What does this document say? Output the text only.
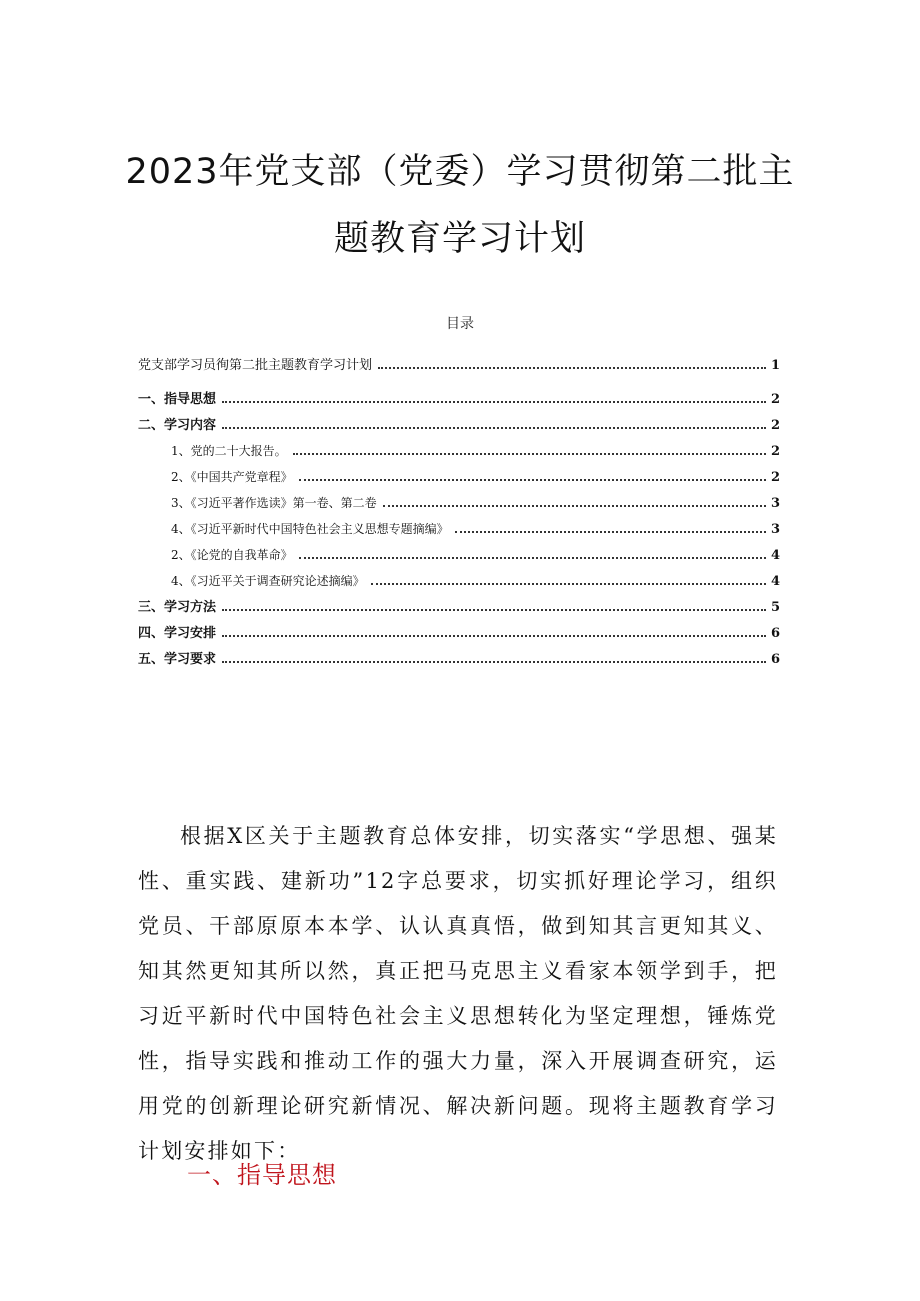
2023年党支部（党委）学习贯彻第二批主
题教育学习计划
目录
党支部学习员徇第二批主题教育学习计划	1
一、指导思想	2
二、学习内容	2
1、党的二十大报告。	2
2、《中国共产党章程》	2
3、《习近平著作选读》第一卷、第二卷	3
4、《习近平新时代中国特色社会主义思想专题摘编》	3
2、《论党的自我革命》	4
4、《习近平关于调查研究论述摘编》	4
三、学习方法	5
四、学习安排	6
五、学习要求	6

根据X区关于主题教育总体安排，切实落实“学思想、强某性、重实践、建新功”12字总要求，切实抓好理论学习，组织党员、干部原原本本学、认认真真悟，做到知其言更知其义、知其然更知其所以然，真正把马克思主义看家本领学到手，把习近平新时代中国特色社会主义思想转化为坚定理想，锤炼党性，指导实践和推动工作的强大力量，深入开展调查研究，运用党的创新理论研究新情况、解决新问题。现将主题教育学习计划安排如下：

一、指导思想
